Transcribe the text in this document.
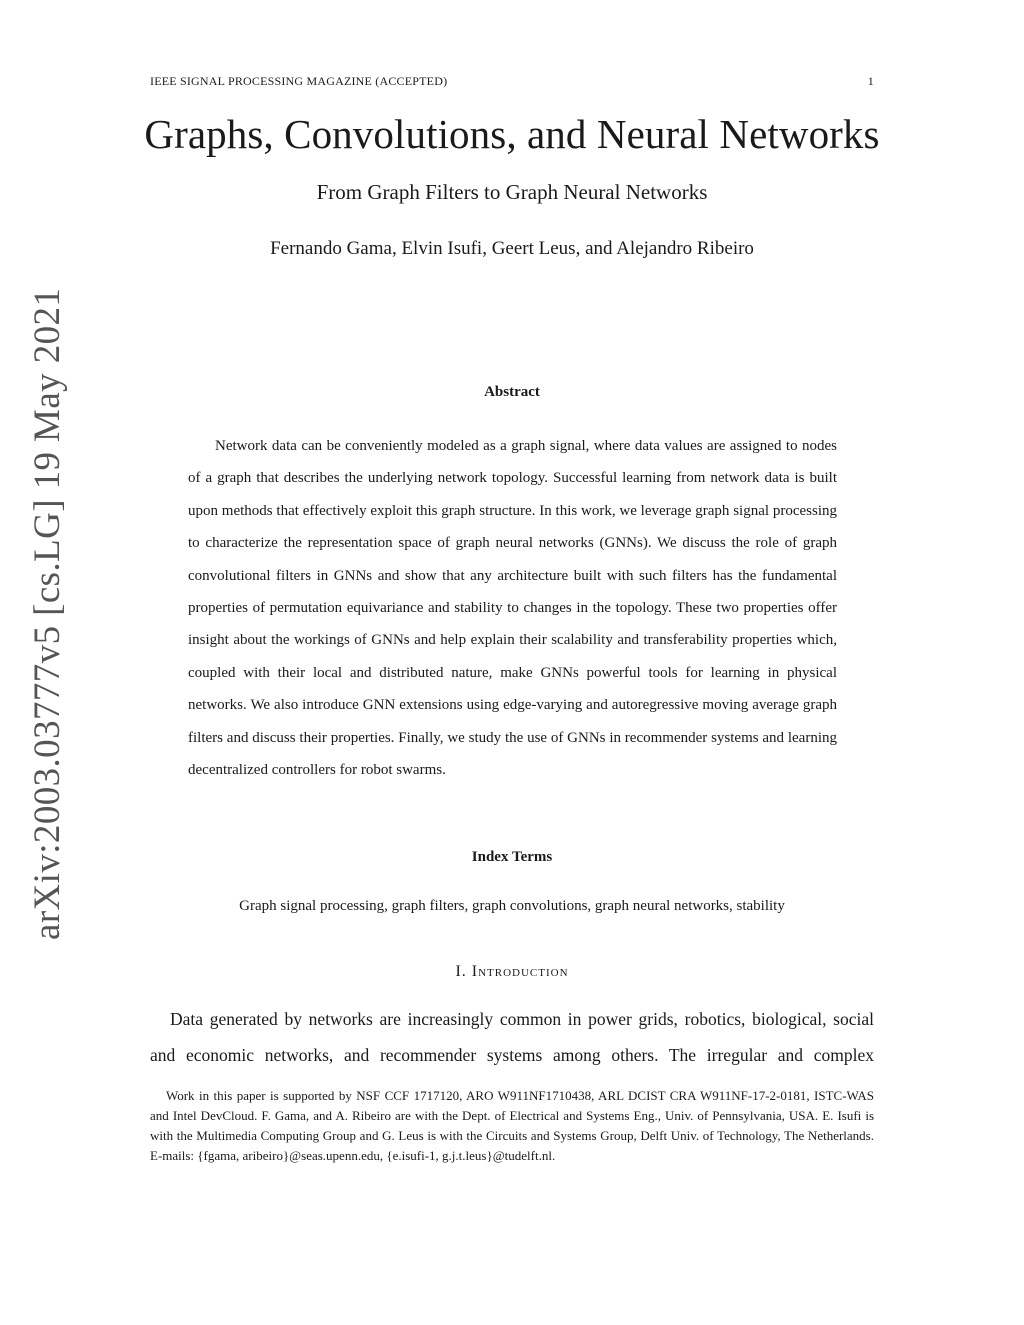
IEEE SIGNAL PROCESSING MAGAZINE (ACCEPTED)	1
Graphs, Convolutions, and Neural Networks
From Graph Filters to Graph Neural Networks
Fernando Gama, Elvin Isufi, Geert Leus, and Alejandro Ribeiro
arXiv:2003.03777v5 [cs.LG] 19 May 2021	Abstract

Network data can be conveniently modeled as a graph signal, where data values are assigned to nodes of a graph that describes the underlying network topology. Successful learning from network data is built upon methods that effectively exploit this graph structure. In this work, we leverage graph signal processing to characterize the representation space of graph neural networks (GNNs). We discuss the role of graph convolutional filters in GNNs and show that any architecture built with such filters has the fundamental properties of permutation equivariance and stability to changes in the topology. These two properties offer insight about the workings of GNNs and help explain their scalability and transferability properties which, coupled with their local and distributed nature, make GNNs powerful tools for learning in physical networks. We also introduce GNN extensions using edge-varying and autoregressive moving average graph filters and discuss their properties. Finally, we study the use of GNNs in recommender systems and learning decentralized controllers for robot swarms.

Index Terms
Graph signal processing, graph filters, graph convolutions, graph neural networks, stability
I. Introduction

Data generated by networks are increasingly common in power grids, robotics, biological, social and economic networks, and recommender systems among others. The irregular and complex

Work in this paper is supported by NSF CCF 1717120, ARO W911NF1710438, ARL DCIST CRA W911NF-17-2-0181, ISTC-WAS and Intel DevCloud. F. Gama, and A. Ribeiro are with the Dept. of Electrical and Systems Eng., Univ. of Pennsylvania, USA. E. Isufi is with the Multimedia Computing Group and G. Leus is with the Circuits and Systems Group, Delft Univ. of Technology, The Netherlands. E-mails: {fgama, aribeiro}@seas.upenn.edu, {e.isufi-1, g.j.t.leus}@tudelft.nl.
